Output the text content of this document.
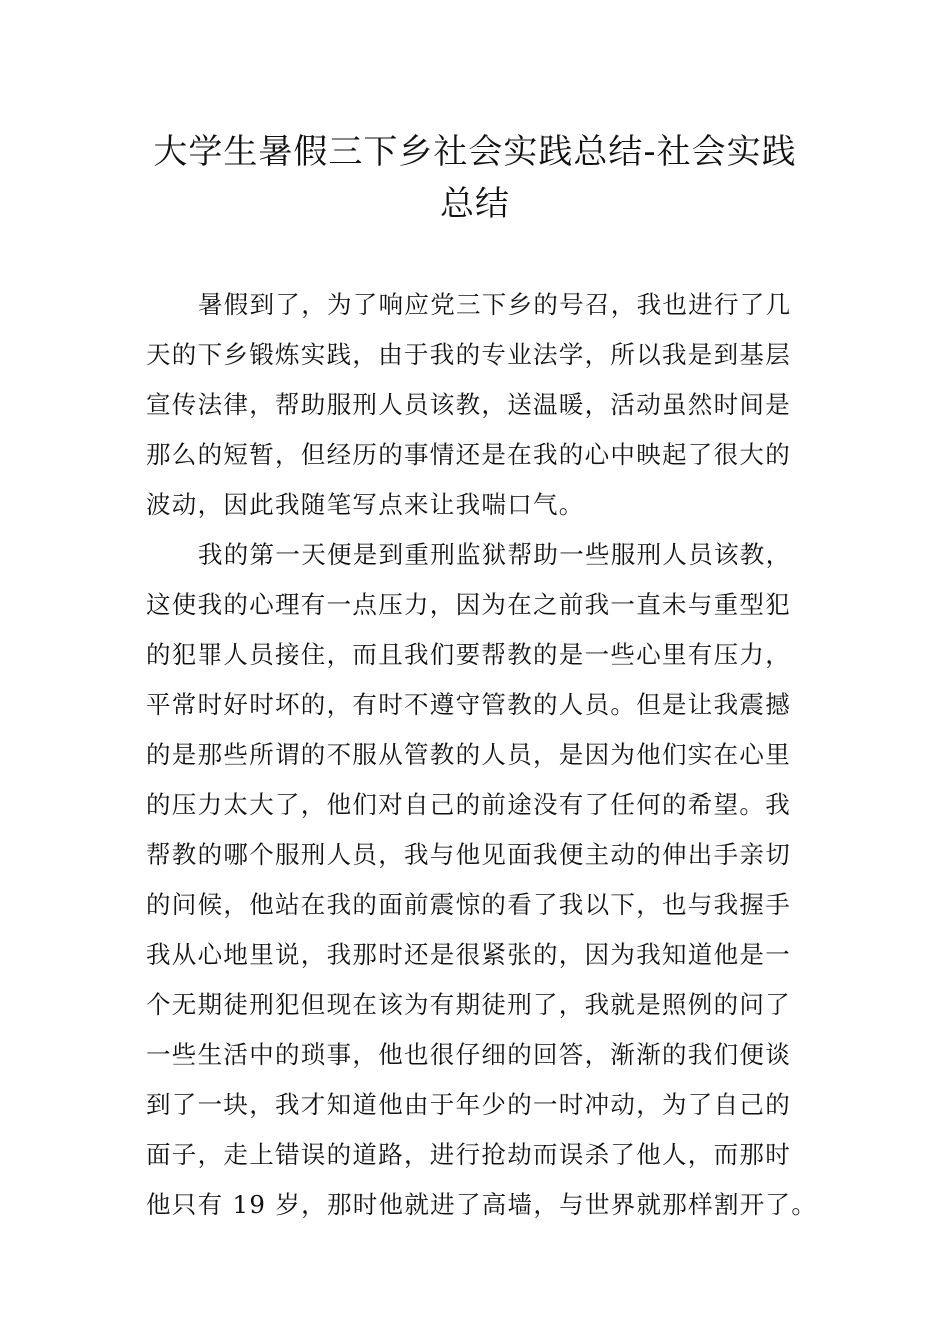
大学生暑假三下乡社会实践总结-社会实践
总结
暑假到了，为了响应党三下乡的号召，我也进行了几
天的下乡锻炼实践，由于我的专业法学，所以我是到基层
宣传法律，帮助服刑人员该教，送温暖，活动虽然时间是
那么的短暂，但经历的事情还是在我的心中映起了很大的
波动，因此我随笔写点来让我喘口气。
我的第一天便是到重刑监狱帮助一些服刑人员该教，
这使我的心理有一点压力，因为在之前我一直未与重型犯
的犯罪人员接住，而且我们要帮教的是一些心里有压力，
平常时好时坏的，有时不遵守管教的人员。但是让我震撼
的是那些所谓的不服从管教的人员，是因为他们实在心里
的压力太大了，他们对自己的前途没有了任何的希望。我
帮教的哪个服刑人员，我与他见面我便主动的伸出手亲切
的问候，他站在我的面前震惊的看了我以下，也与我握手
我从心地里说，我那时还是很紧张的，因为我知道他是一
个无期徒刑犯但现在该为有期徒刑了，我就是照例的问了
一些生活中的琐事，他也很仔细的回答，渐渐的我们便谈
到了一块，我才知道他由于年少的一时冲动，为了自己的
面子，走上错误的道路，进行抢劫而误杀了他人，而那时
他只有 19 岁，那时他就进了高墙，与世界就那样割开了。
